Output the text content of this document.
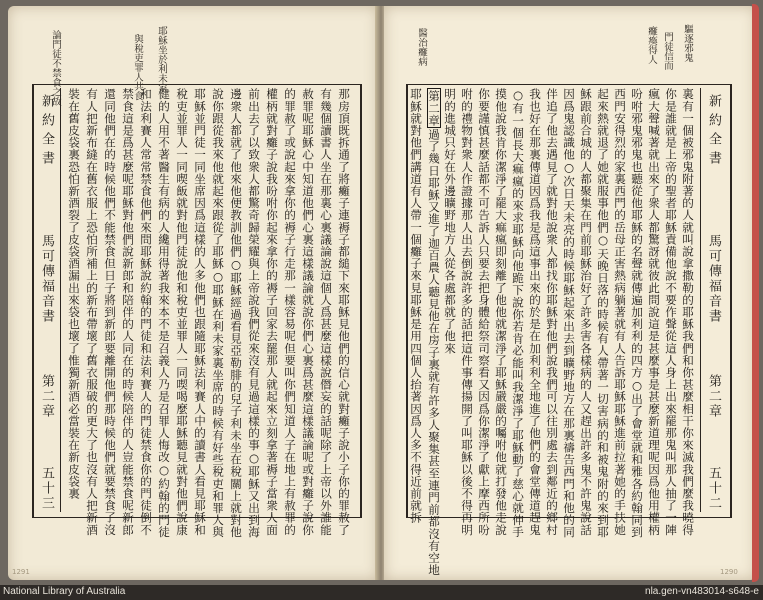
與稅吏罪人共食 耶穌坐於利未家
論門徒不禁食之故
新約全書
馬可傳福音書
第二章
五十三	那房頂既拆通了將癱子連褥子都縋下來耶穌見他們的信心就對癱子說小子你的罪赦了
有幾個讀書人坐在那裏心裏議論說這個人爲甚麼這樣說僭妄的話呢除了上帝以外誰能
赦罪呢耶穌心中知道他們心裏這樣議論就說你們心裏爲甚麼這樣議論呢或對癱子說你
的罪赦了或說起來拿你的褥子行走那一樣容易呢但要叫你們知道人子在地上有赦罪的
權柄就對癱子說我吩咐你起來拿你的褥子回家去罷那人就起來立刻拿著褥子當衆人面
前出去了以致衆人都驚奇歸榮耀與上帝說我們從來沒有見過這樣的事○耶穌又出到海
邊衆人都就了他來他便教訓他們○耶穌經過看見亞勒腓的兒子利未坐在稅關上就對他
說你跟從我來他就起來跟從了耶穌○耶穌在利未家裏坐席的時候有好些稅吏和罪人與
耶穌並門徒一同坐席因爲這樣的人多他們也跟隨耶穌法利賽人中的讀書人看見耶穌和
稅吏並罪人一同喫飯就對他門徒說他和稅吏並罪人一同喫喝麼耶穌聽見就對他們說康
健的人用不著醫生有病的人纔用得著我來本不是召義人乃是召罪人悔改○約翰的門徒
和法利賽人常常禁食他們來問耶穌說約翰的門徒和法利賽人的門徒禁食你的門徒倒不
禁食這是爲甚麼呢耶穌對他們說新郎和陪伴的人同在的時候陪伴的人豈能禁食呢新郎
還同他們在的時候他們不能禁食但日子將到新郎要離開他們那時候他們就要禁食了沒
有人把新布縫在舊衣服上恐怕所補上的新布帶壞了舊衣服破的更大了也沒有人把新酒
裝在舊皮袋裏恐怕新酒裂了皮袋酒漏出來袋也壞了惟獨新酒必當裝在新皮袋裏
1291
驅逐邪鬼
門徒信而
癱瘓得人
醫治癱病
新約全書
馬可傳福音書
第二章
五十二
裏有一個被邪鬼附著的人就叫說拿撒勒的耶穌我們和你甚麼相干你來滅我們麼我曉得
你是誰就是上帝的聖者耶穌責備他說不要作聲從這人身上出來罷那鬼叫那人抽了一陣
瘋大聲喊著就出來了衆人都驚訝就彼此問說這是甚麼事是甚麼新道理呢因爲他用權柄
吩咐邪鬼邪鬼也聽從他耶穌的名聲就傳遍加利利的四方○出了會堂就和雅各約翰同到
西門安得烈的家裏西門的岳母正害熱病躺著就有人告訴耶穌耶穌進前拉著她的手扶她
起來熱就退了她就服事他們○天晚日落的時候有人帶著一切害病的和被鬼附的來到耶
穌跟前合城的人都聚集在門前耶穌治好了許多害各樣病的人又趕出許多鬼不許鬼說話
因爲鬼認識他○次日天未亮的時候耶穌起來出去到曠野地方在那裏禱告西門和他的同
伴追了他去遇見了就對他說衆人都找你耶穌對他們說我們可以往別處去到鄰近的鄉村
我也好在那裏傳道因爲我是爲這事出來的於是在加利利全地進了他們的會堂傳道趕鬼
○有一個長大痲瘋的來求耶穌向他跪下說你若肯必能叫我潔淨了耶穌動了慈心就伸手
摸他說我肯你潔淨了罷大痲瘋即刻離了他他就潔淨了耶穌嚴嚴的囑咐他就打發他走說
你要謹慎甚麼話都不可告訴人只要去把身體給祭司察看又因爲你潔淨了獻上摩西所吩
咐的禮物對衆人作證據那人出去倒說許多的話把這件事傳揚開了叫耶穌以後不得再明
明的進城只好在外邊曠野地方人從各處都就了他來
第二章過了幾日耶穌又進了迦百農人聽見他在房子裏就有許多人聚集甚至連門前都沒有空地
耶穌就對他們講道有人帶一個癱子來見耶穌是用四個人抬著因爲人多不得近前就拆
1290
National Library of Australia	nla.gen-vn483014-s648-e
